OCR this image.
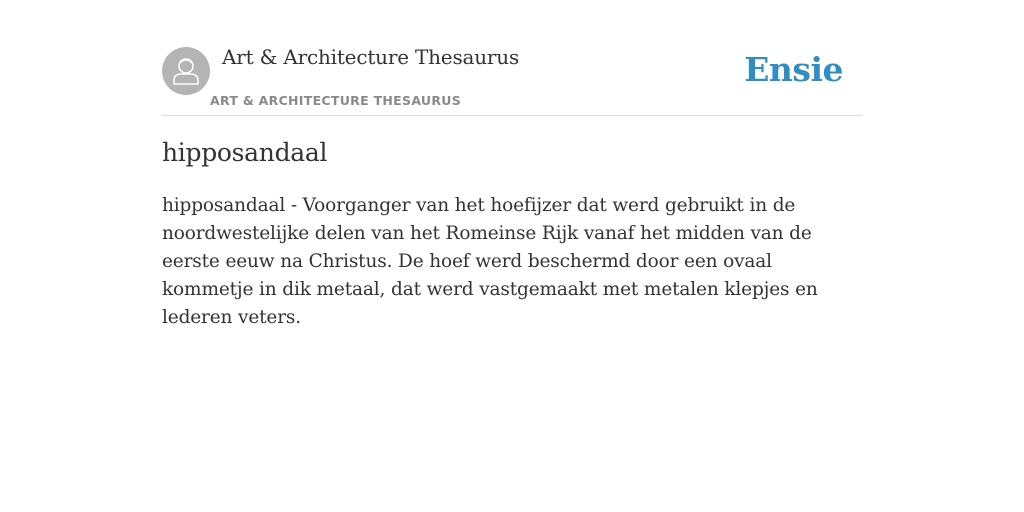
Art & Architecture Thesaurus
ART & ARCHITECTURE THESAURUS
Ensie
hipposandaal

hipposandaal - Voorganger van het hoefijzer dat werd gebruikt in de noordwestelijke delen van het Romeinse Rijk vanaf het midden van de eerste eeuw na Christus. De hoef werd beschermd door een ovaal kommetje in dik metaal, dat werd vastgemaakt met metalen klepjes en lederen veters.
